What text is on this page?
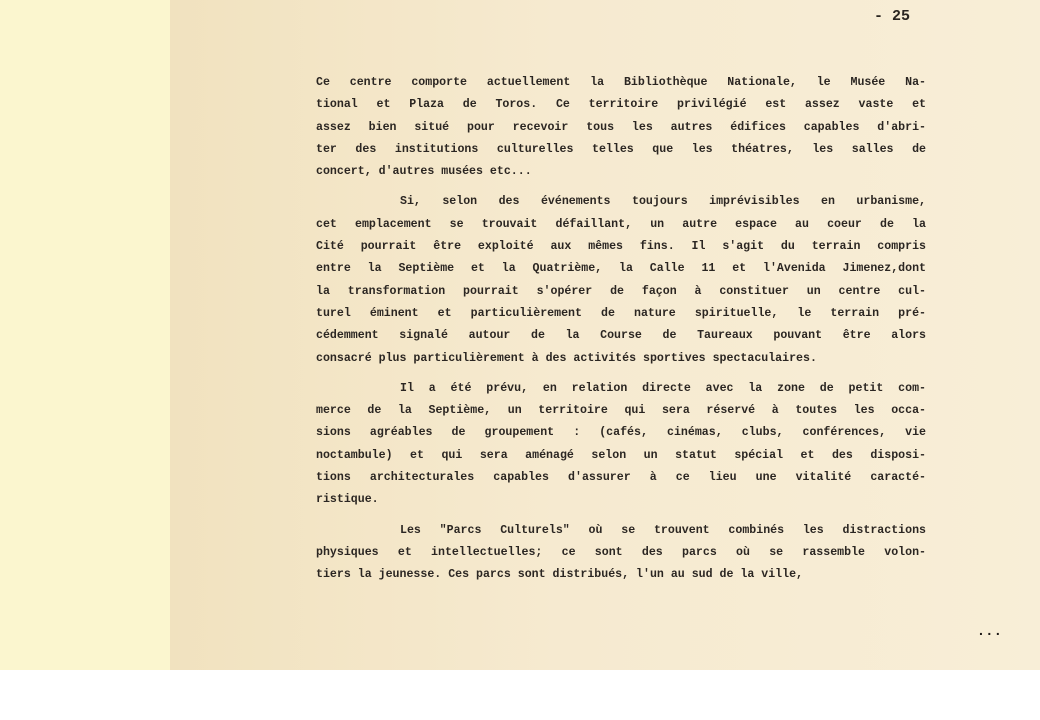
- 25
Ce centre comporte actuellement la Bibliothèque Nationale, le Musée Na-
tional et Plaza de Toros. Ce territoire privilégié est assez vaste et
assez bien situé pour recevoir tous les autres édifices capables d'abri-
ter des institutions culturelles telles que les théatres, les salles de
concert, d'autres musées etc...
Si, selon des événements toujours imprévisibles en urbanisme,
cet emplacement se trouvait défaillant, un autre espace au coeur de la
Cité pourrait être exploité aux mêmes fins. Il s'agit du terrain compris
entre la Septième et la Quatrième, la Calle 11 et l'Avenida Jimenez,dont
la transformation pourrait s'opérer de façon à constituer un centre cul-
turel éminent et particulièrement de nature spirituelle, le terrain pré-
cédemment signalé autour de la Course de Taureaux pouvant être alors
consacré plus particulièrement à des activités sportives spectaculaires.
Il a été prévu, en relation directe avec la zone de petit com-
merce de la Septième, un territoire qui sera réservé à toutes les occa-
sions agréables de groupement : (cafés, cinémas, clubs, conférences, vie
noctambule) et qui sera aménagé selon un statut spécial et des disposi-
tions architecturales capables d'assurer à ce lieu une vitalité caracté-
ristique.
Les "Parcs Culturels" où se trouvent combinés les distractions
physiques et intellectuelles; ce sont des parcs où se rassemble volon-
tiers la jeunesse. Ces parcs sont distribués, l'un au sud de la ville,
...
